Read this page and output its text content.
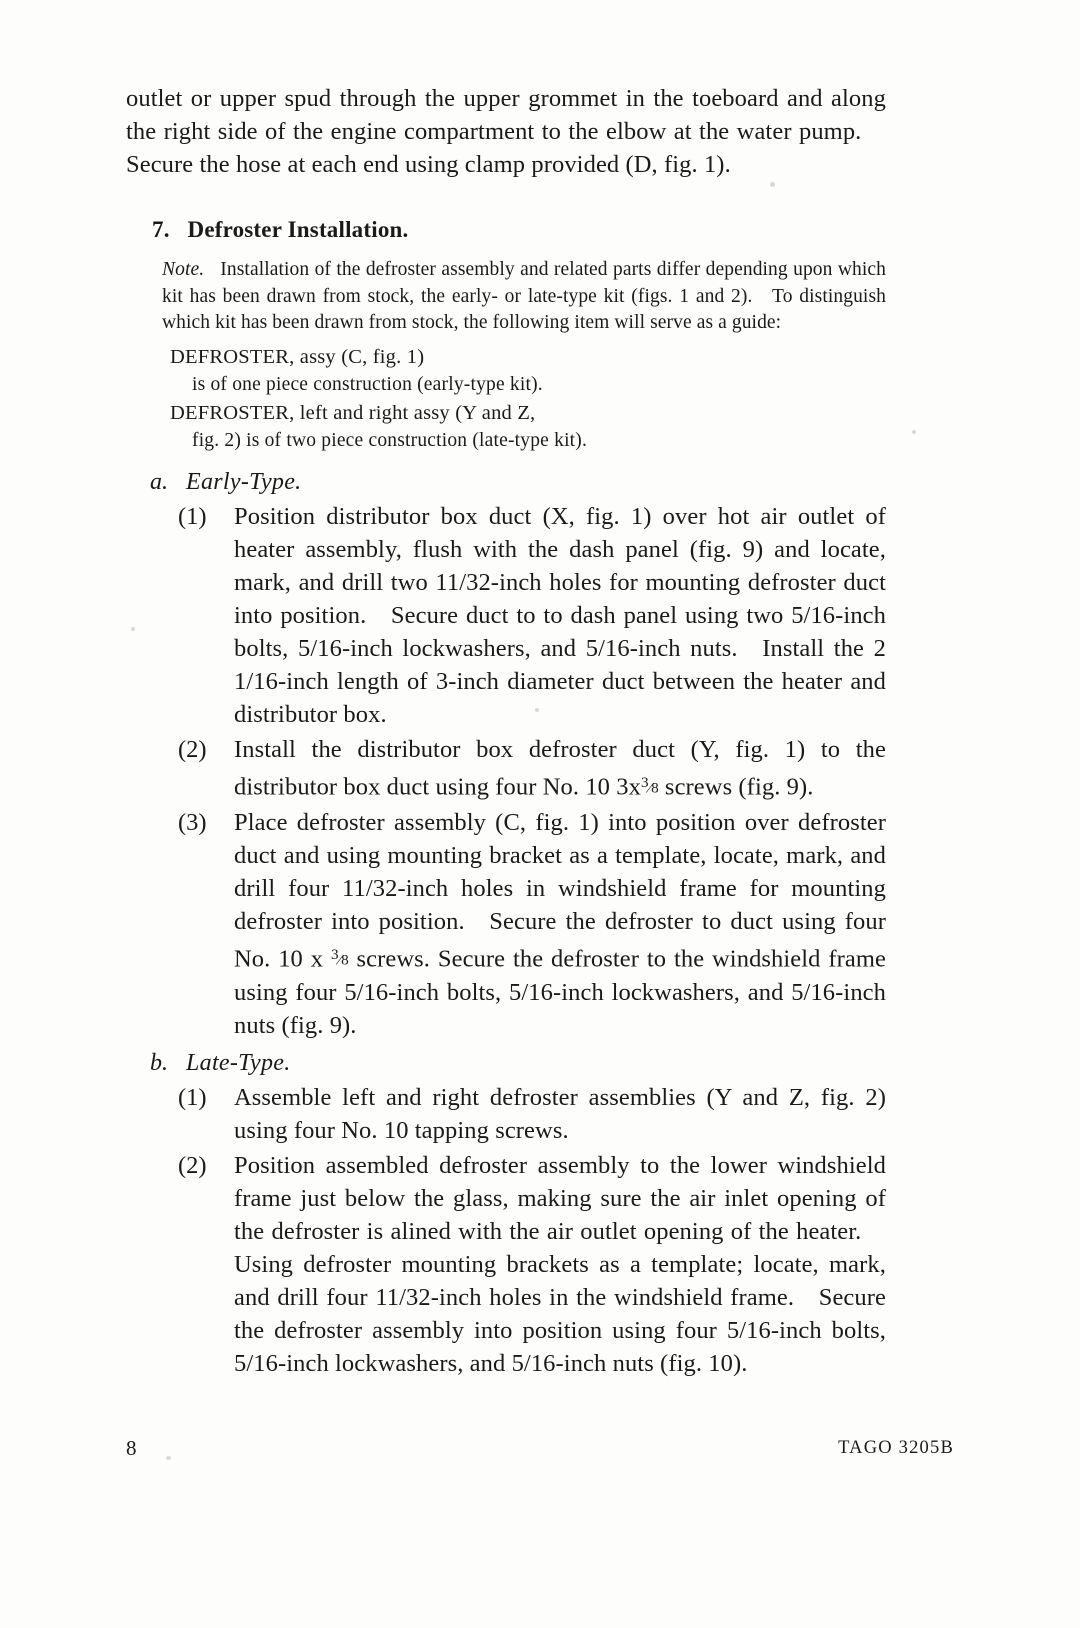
outlet or upper spud through the upper grommet in the toeboard and along the right side of the engine compartment to the elbow at the water pump. Secure the hose at each end using clamp provided (D, fig. 1).

7. Defroster Installation.

Note. Installation of the defroster assembly and related parts differ depending upon which kit has been drawn from stock, the early- or late-type kit (figs. 1 and 2). To distinguish which kit has been drawn from stock, the following item will serve as a guide:

DEFROSTER, assy (C, fig. 1)

is of one piece construction (early-type kit).

DEFROSTER, left and right assy (Y and Z,

fig. 2) is of two piece construction (late-type kit).

a. Early-Type.

(1)	Position distributor box duct (X, fig. 1) over hot air outlet of heater assembly, flush with the dash panel (fig. 9) and locate, mark, and drill two 11/32-inch holes for mounting defroster duct into position. Secure duct to to dash panel using two 5/16-inch bolts, 5/16-inch lockwashers, and 5/16-inch nuts. Install the 2 1/16-inch length of 3-inch diameter duct between the heater and distributor box.
(2)	Install the distributor box defroster duct (Y, fig. 1) to the distributor box duct using four No. 10 $3x^3⁄8$ screws (fig. 9).
(3)	Place defroster assembly (C, fig. 1) into position over defroster duct and using mounting bracket as a template, locate, mark, and drill four 11/32-inch holes in windshield frame for mounting defroster into position. Secure the defroster to duct using four No. 10 x $^3$⁄8 screws. Secure the defroster to the windshield frame using four 5/16-inch bolts, 5/16-inch lockwashers, and 5/16-inch nuts (fig. 9).

b. Late-Type.

(1)	Assemble left and right defroster assemblies (Y and Z, fig. 2) using four No. 10 tapping screws.
(2)	Position assembled defroster assembly to the lower windshield frame just below the glass, making sure the air inlet opening of the defroster is alined with the air outlet opening of the heater. Using defroster mounting brackets as a template; locate, mark, and drill four 11/32-inch holes in the windshield frame. Secure the defroster assembly into position using four 5/16-inch bolts, 5/16-inch lockwashers, and 5/16-inch nuts (fig. 10).
8	TAGO 3205B
